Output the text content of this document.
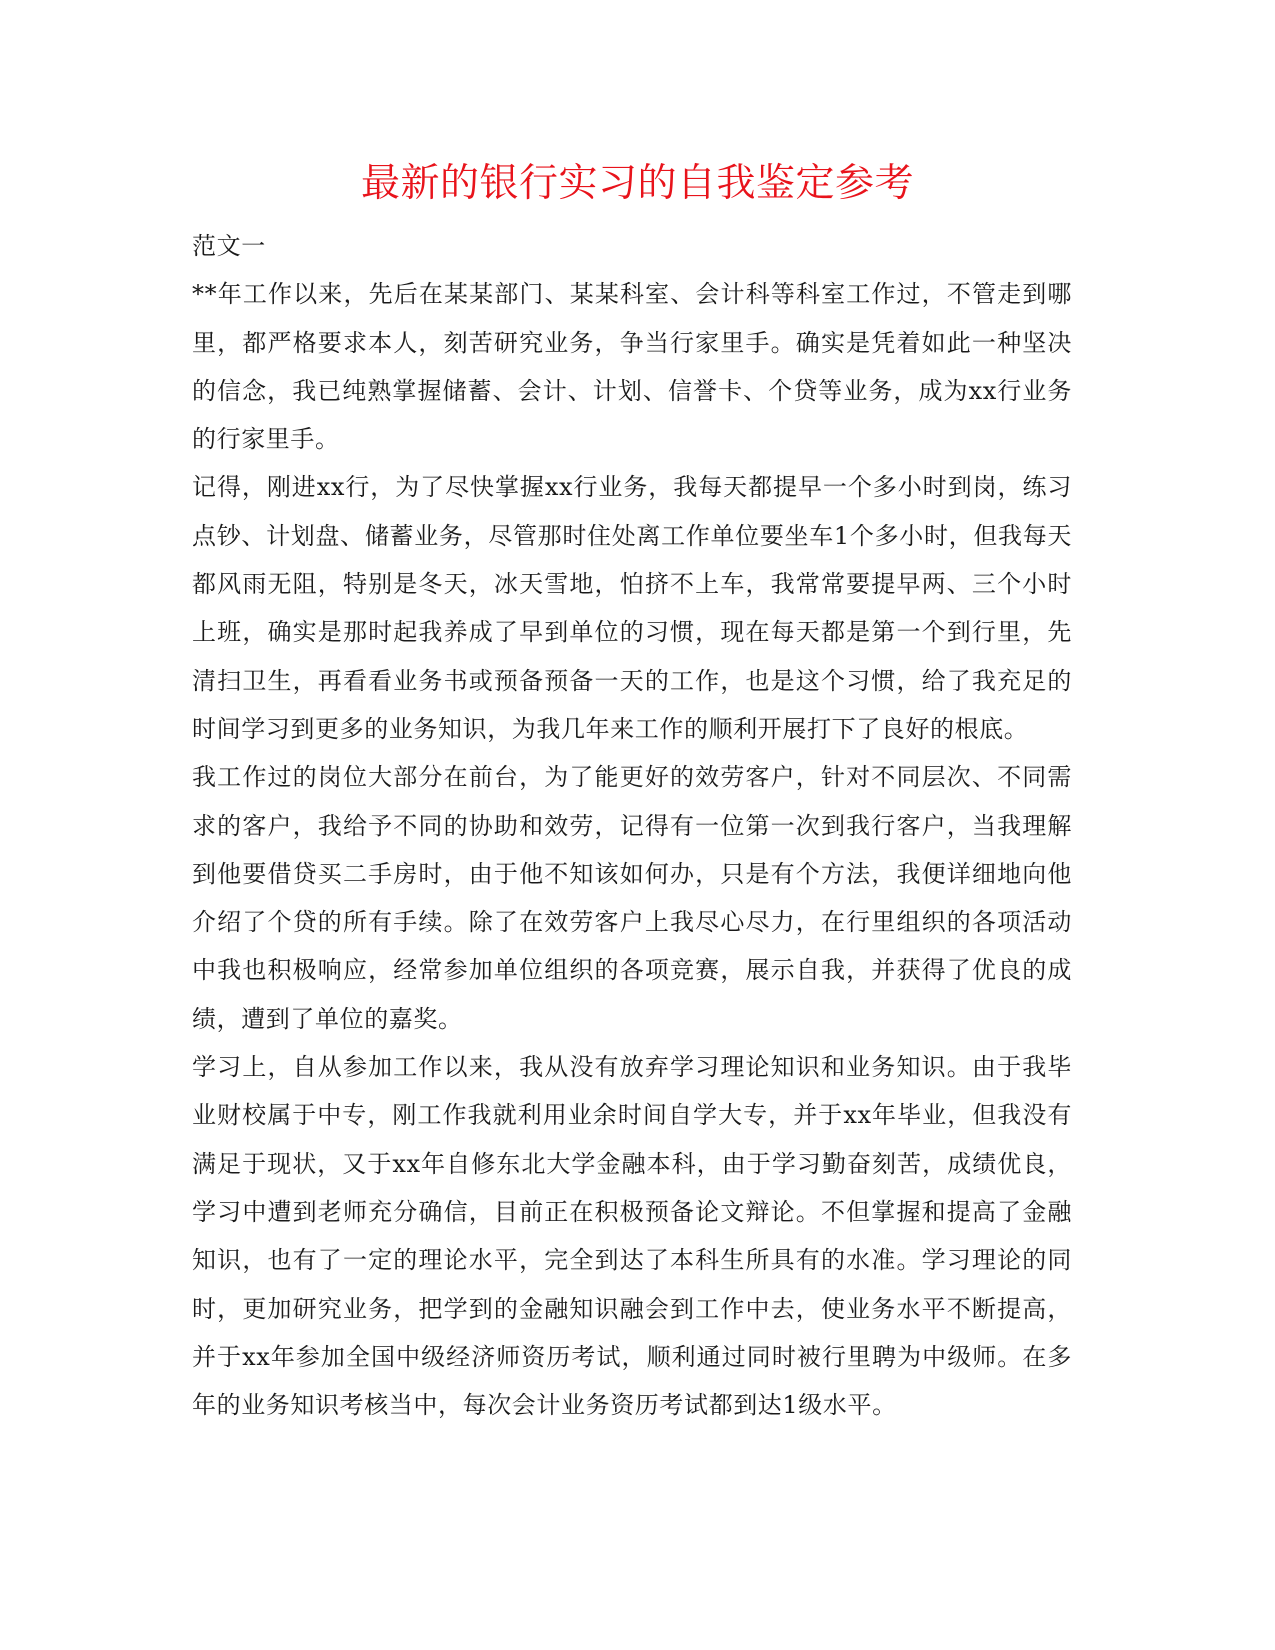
最新的银行实习的自我鉴定参考

范文一

**年工作以来，先后在某某部门、某某科室、会计科等科室工作过，不管走到哪里，都严格要求本人，刻苦研究业务，争当行家里手。确实是凭着如此一种坚决的信念，我已纯熟掌握储蓄、会计、计划、信誉卡、个贷等业务，成为xx行业务的行家里手。

记得，刚进xx行，为了尽快掌握xx行业务，我每天都提早一个多小时到岗，练习点钞、计划盘、储蓄业务，尽管那时住处离工作单位要坐车1个多小时，但我每天都风雨无阻，特别是冬天，冰天雪地，怕挤不上车，我常常要提早两、三个小时上班，确实是那时起我养成了早到单位的习惯，现在每天都是第一个到行里，先清扫卫生，再看看业务书或预备预备一天的工作，也是这个习惯，给了我充足的时间学习到更多的业务知识，为我几年来工作的顺利开展打下了良好的根底。

我工作过的岗位大部分在前台，为了能更好的效劳客户，针对不同层次、不同需求的客户，我给予不同的协助和效劳，记得有一位第一次到我行客户，当我理解到他要借贷买二手房时，由于他不知该如何办，只是有个方法，我便详细地向他介绍了个贷的所有手续。除了在效劳客户上我尽心尽力，在行里组织的各项活动中我也积极响应，经常参加单位组织的各项竞赛，展示自我，并获得了优良的成绩，遭到了单位的嘉奖。

学习上，自从参加工作以来，我从没有放弃学习理论知识和业务知识。由于我毕业财校属于中专，刚工作我就利用业余时间自学大专，并于xx年毕业，但我没有满足于现状，又于xx年自修东北大学金融本科，由于学习勤奋刻苦，成绩优良，学习中遭到老师充分确信，目前正在积极预备论文辩论。不但掌握和提高了金融知识，也有了一定的理论水平，完全到达了本科生所具有的水准。学习理论的同时，更加研究业务，把学到的金融知识融会到工作中去，使业务水平不断提高，并于xx年参加全国中级经济师资历考试，顺利通过同时被行里聘为中级师。在多年的业务知识考核当中，每次会计业务资历考试都到达1级水平。
